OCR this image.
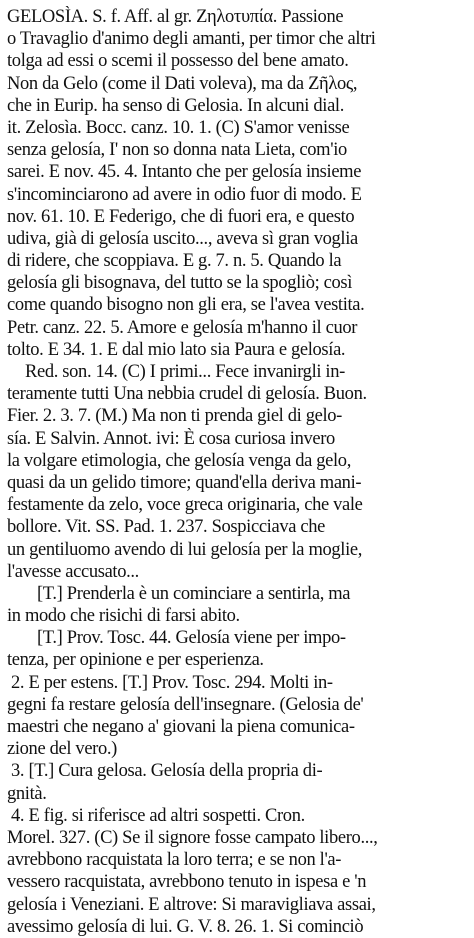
GELOSÌA. S. f. Aff. al gr. Ζηλοτυπία. Passione
o Travaglio d'animo degli amanti, per timor che altri
tolga ad essi o scemi il possesso del bene amato.
Non da Gelo (come il Dati voleva), ma da Ζῆλος,
che in Eurip. ha senso di Gelosia. In alcuni dial.
it. Zelosìa. Bocc. canz. 10. 1. (C) S'amor venisse
senza gelosía, I' non so donna nata Lieta, com'io
sarei. E nov. 45. 4. Intanto che per gelosía insieme
s'incominciarono ad avere in odio fuor di modo. E
nov. 61. 10. E Federigo, che di fuori era, e questo
udiva, già di gelosía uscito..., aveva sì gran voglia
di ridere, che scoppiava. E g. 7. n. 5. Quando la
gelosía gli bisognava, del tutto se la spogliò; così
come quando bisogno non gli era, se l'avea vestita.
Petr. canz. 22. 5. Amore e gelosía m'hanno il cuor
tolto. E 34. 1. E dal mio lato sia Paura e gelosía.
Red. son. 14. (C) I primi... Fece invanirgli in-
teramente tutti Una nebbia crudel di gelosía. Buon.
Fier. 2. 3. 7. (M.) Ma non ti prenda giel di gelo-
sía. E Salvin. Annot. ivi: È cosa curiosa invero
la volgare etimologia, che gelosía venga da gelo,
quasi da un gelido timore; quand'ella deriva mani-
festamente da zelo, voce greca originaria, che vale
bollore. Vit. SS. Pad. 1. 237. Sospicciava che
un gentiluomo avendo di lui gelosía per la moglie,
l'avesse accusato...
[T.] Prenderla è un cominciare a sentirla, ma
in modo che risichi di farsi abito.
[T.] Prov. Tosc. 44. Gelosía viene per impo-
tenza, per opinione e per esperienza.
2. E per estens. [T.] Prov. Tosc. 294. Molti in-
gegni fa restare gelosía dell'insegnare. (Gelosia de'
maestri che negano a' giovani la piena comunica-
zione del vero.)
3. [T.] Cura gelosa. Gelosía della propria di-
gnità.
4. E fig. si riferisce ad altri sospetti. Cron.
Morel. 327. (C) Se il signore fosse campato libero...,
avrebbono racquistata la loro terra; e se non l'a-
vessero racquistata, avrebbono tenuto in ispesa e 'n
gelosía i Veneziani. E altrove: Si maravigliava assai,
avessimo gelosía di lui. G. V. 8. 26. 1. Si cominciò
